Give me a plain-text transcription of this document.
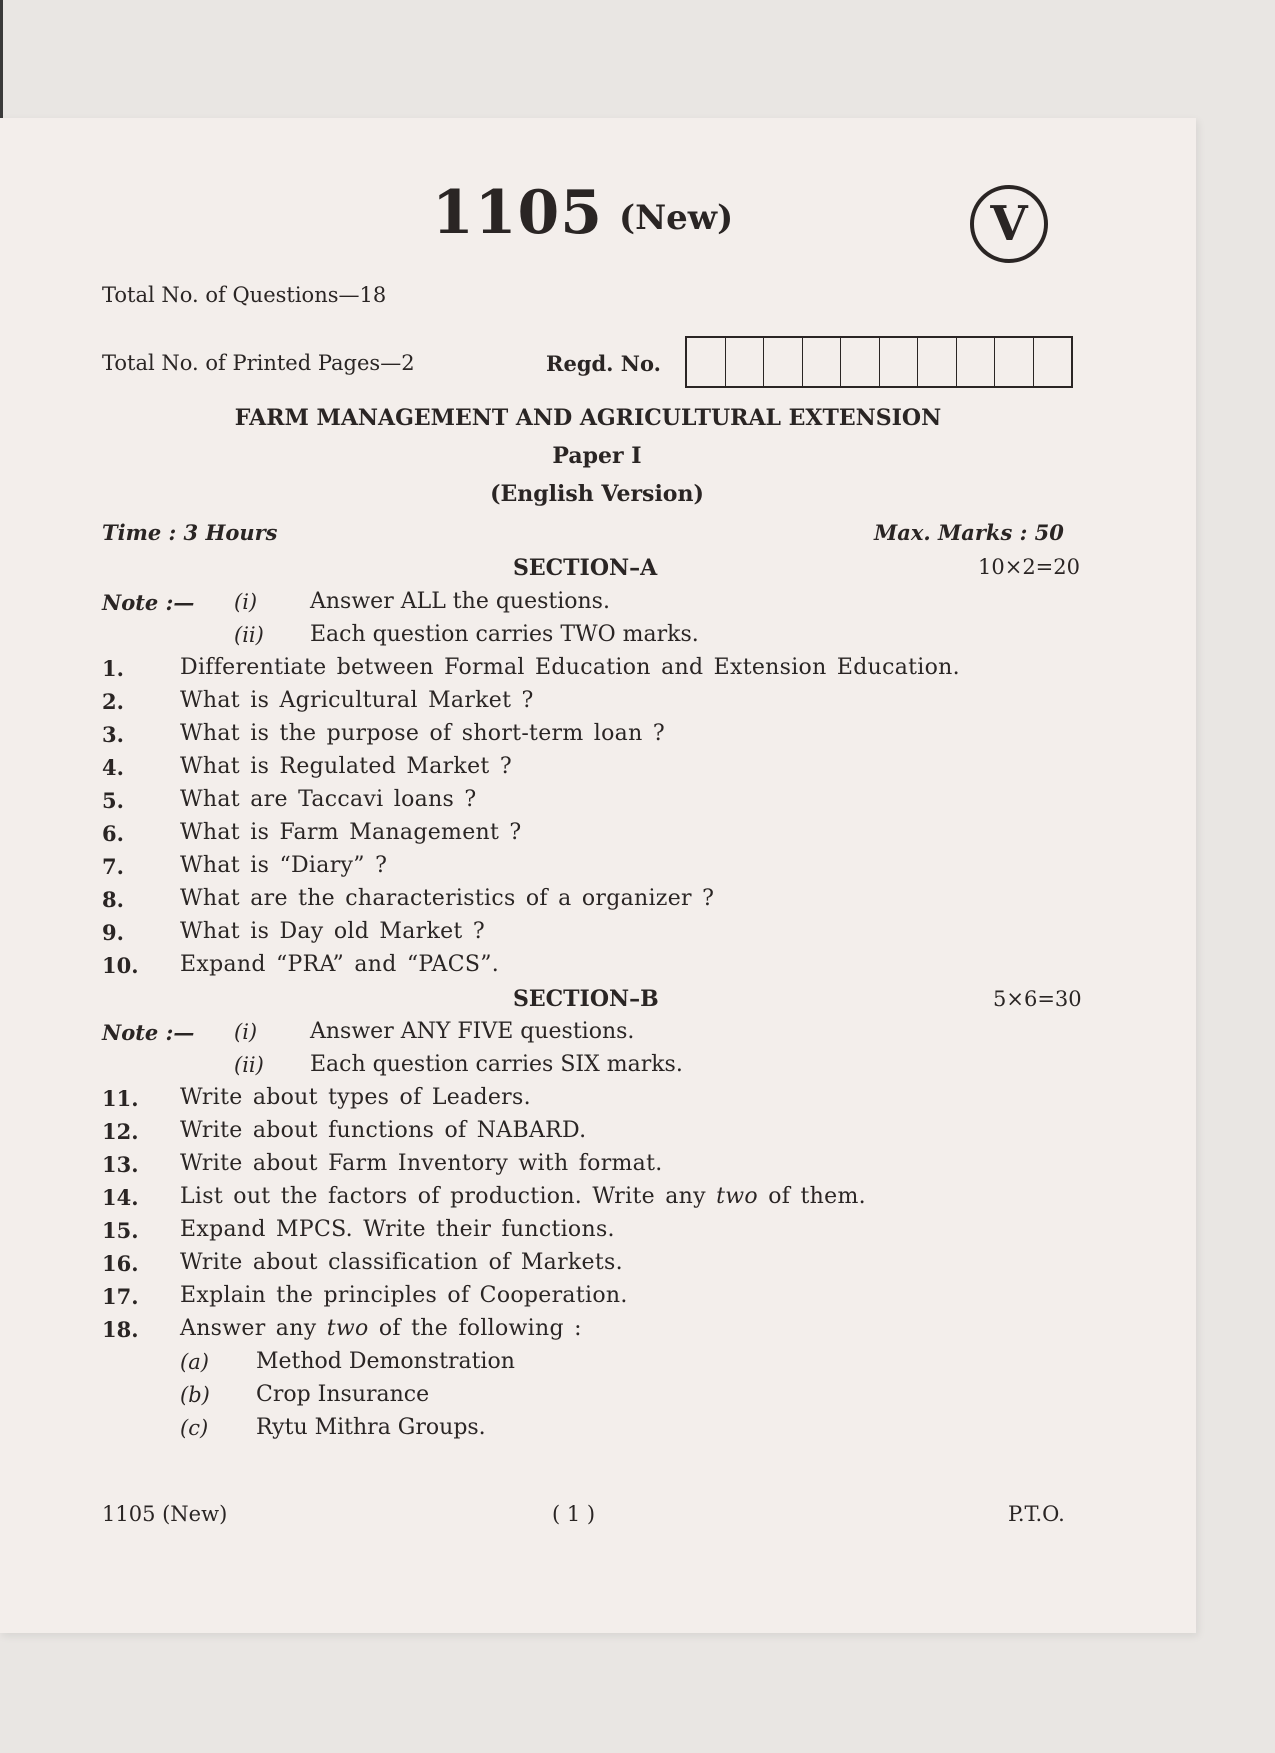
1105 (New)	V
Total No. of Questions—18
Total No. of Printed Pages—2	Regd. No.
FARM MANAGEMENT AND AGRICULTURAL EXTENSION
Paper I
(English Version)
Time : 3 Hours	Max. Marks : 50
SECTION–A	10×2=20
Note :— (i) Answer ALL the questions.
(ii) Each question carries TWO marks.
1.	Differentiate between Formal Education and Extension Education.
2.	What is Agricultural Market ?
3.	What is the purpose of short-term loan ?
4.	What is Regulated Market ?
5.	What are Taccavi loans ?
6.	What is Farm Management ?
7.	What is “Diary” ?
8.	What are the characteristics of a organizer ?
9.	What is Day old Market ?
10. Expand “PRA” and “PACS”.
SECTION–B	5×6=30
Note :— (i) Answer ANY FIVE questions.
(ii) Each question carries SIX marks.
11. Write about types of Leaders.
12. Write about functions of NABARD.
13. Write about Farm Inventory with format.
14. List out the factors of production. Write any two of them.
15. Expand MPCS. Write their functions.
16. Write about classification of Markets.
17. Explain the principles of Cooperation.
18. Answer any two of the following :
(a) Method Demonstration
(b) Crop Insurance
(c) Rytu Mithra Groups.
1105 (New)	( 1 )	P.T.O.
